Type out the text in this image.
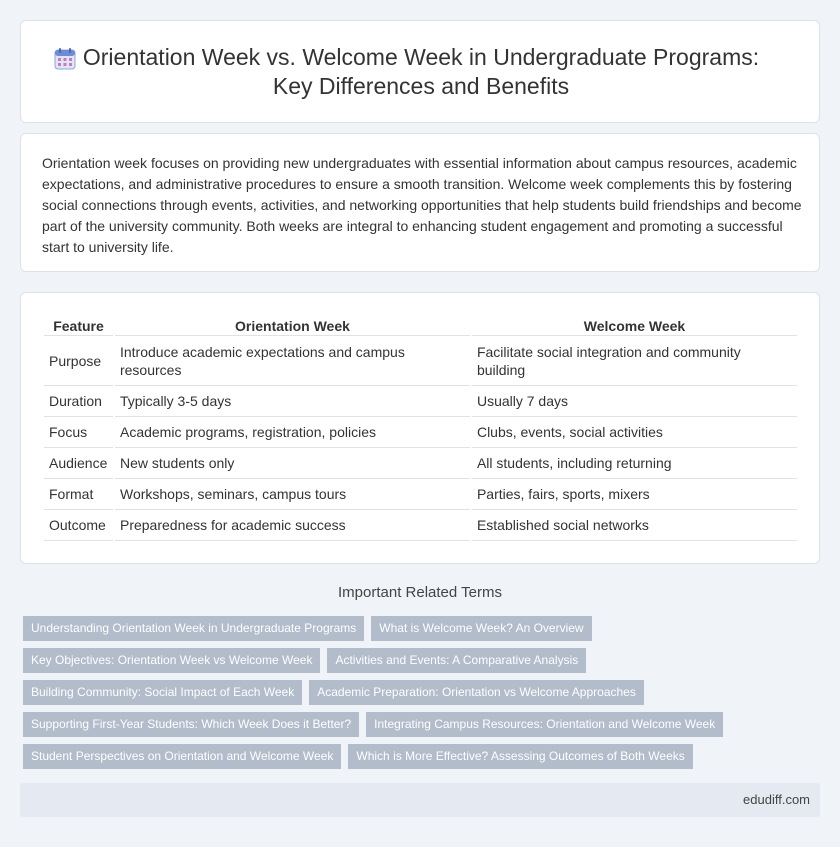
Orientation Week vs. Welcome Week in Undergraduate Programs:
Key Differences and Benefits

Orientation week focuses on providing new undergraduates with essential information about campus resources, academic expectations, and administrative procedures to ensure a smooth transition. Welcome week complements this by fostering social connections through events, activities, and networking opportunities that help students build friendships and become part of the university community. Both weeks are integral to enhancing student engagement and promoting a successful start to university life.

Feature	Orientation Week	Welcome Week
Purpose	Introduce academic expectations and campus resources	Facilitate social integration and community building
Duration	Typically 3-5 days	Usually 7 days
Focus	Academic programs, registration, policies	Clubs, events, social activities
Audience	New students only	All students, including returning
Format	Workshops, seminars, campus tours	Parties, fairs, sports, mixers
Outcome	Preparedness for academic success	Established social networks
Important Related Terms
Understanding Orientation Week in Undergraduate Programs	What is Welcome Week? An Overview
Key Objectives: Orientation Week vs Welcome Week	Activities and Events: A Comparative Analysis
Building Community: Social Impact of Each Week	Academic Preparation: Orientation vs Welcome Approaches
Supporting First-Year Students: Which Week Does it Better?	Integrating Campus Resources: Orientation and Welcome Week
Student Perspectives on Orientation and Welcome Week	Which is More Effective? Assessing Outcomes of Both Weeks
edudiff.com
